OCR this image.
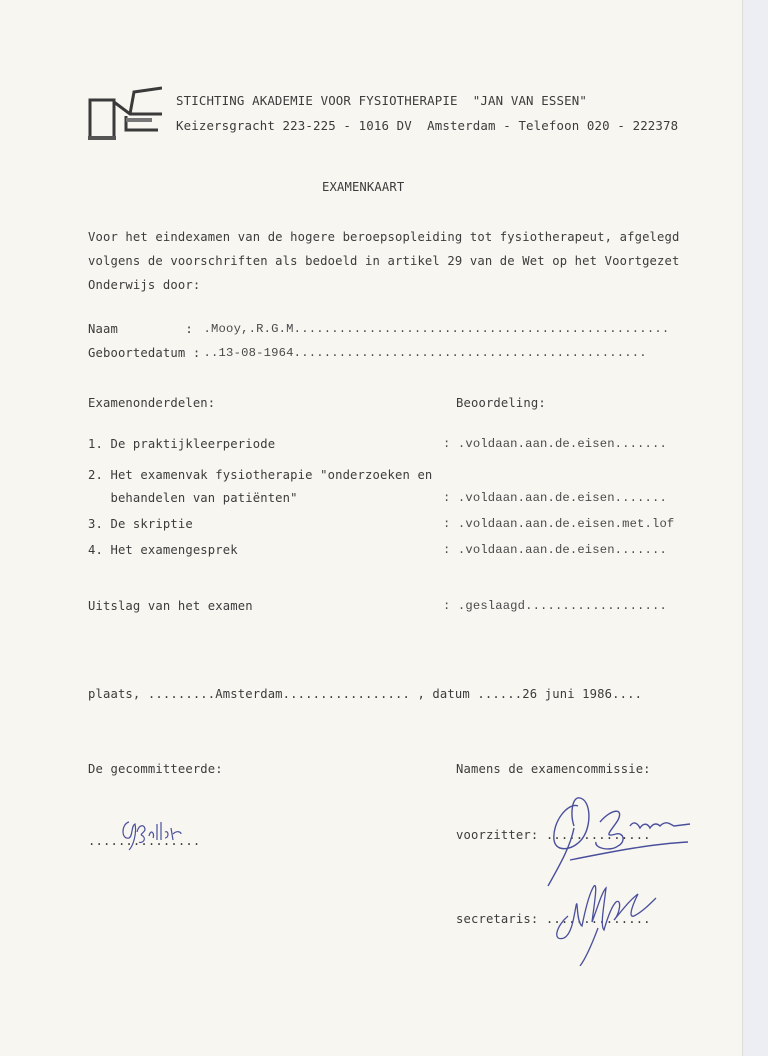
STICHTING AKADEMIE VOOR FYSIOTHERAPIE  "JAN VAN ESSEN"
Keizersgracht 223-225 - 1016 DV  Amsterdam - Telefoon 020 - 222378
EXAMENKAART
Voor het eindexamen van de hogere beroepsopleiding tot fysiotherapeut, afgelegd
volgens de voorschriften als bedoeld in artikel 29 van de Wet op het Voortgezet
Onderwijs door:
Naam         : .Mooy,.R.G.M..................................................
Geboortedatum :
..13-08-1964...............................................
Examenonderdelen:	Beoordeling:
1. De praktijkleerperiode	: .voldaan.aan.de.eisen.......
2. Het examenvak fysiotherapie "onderzoeken en
behandelen van patiënten"	: .voldaan.aan.de.eisen.......
3. De skriptie	: .voldaan.aan.de.eisen.met.lof
4. Het examengesprek	: .voldaan.aan.de.eisen.......
Uitslag van het examen	: .geslaagd...................
plaats, .........Amsterdam................. , datum ......26 juni 1986....
De gecommitteerde:	Namens de examencommissie:
...............	voorzitter: ..............
secretaris: ..............
